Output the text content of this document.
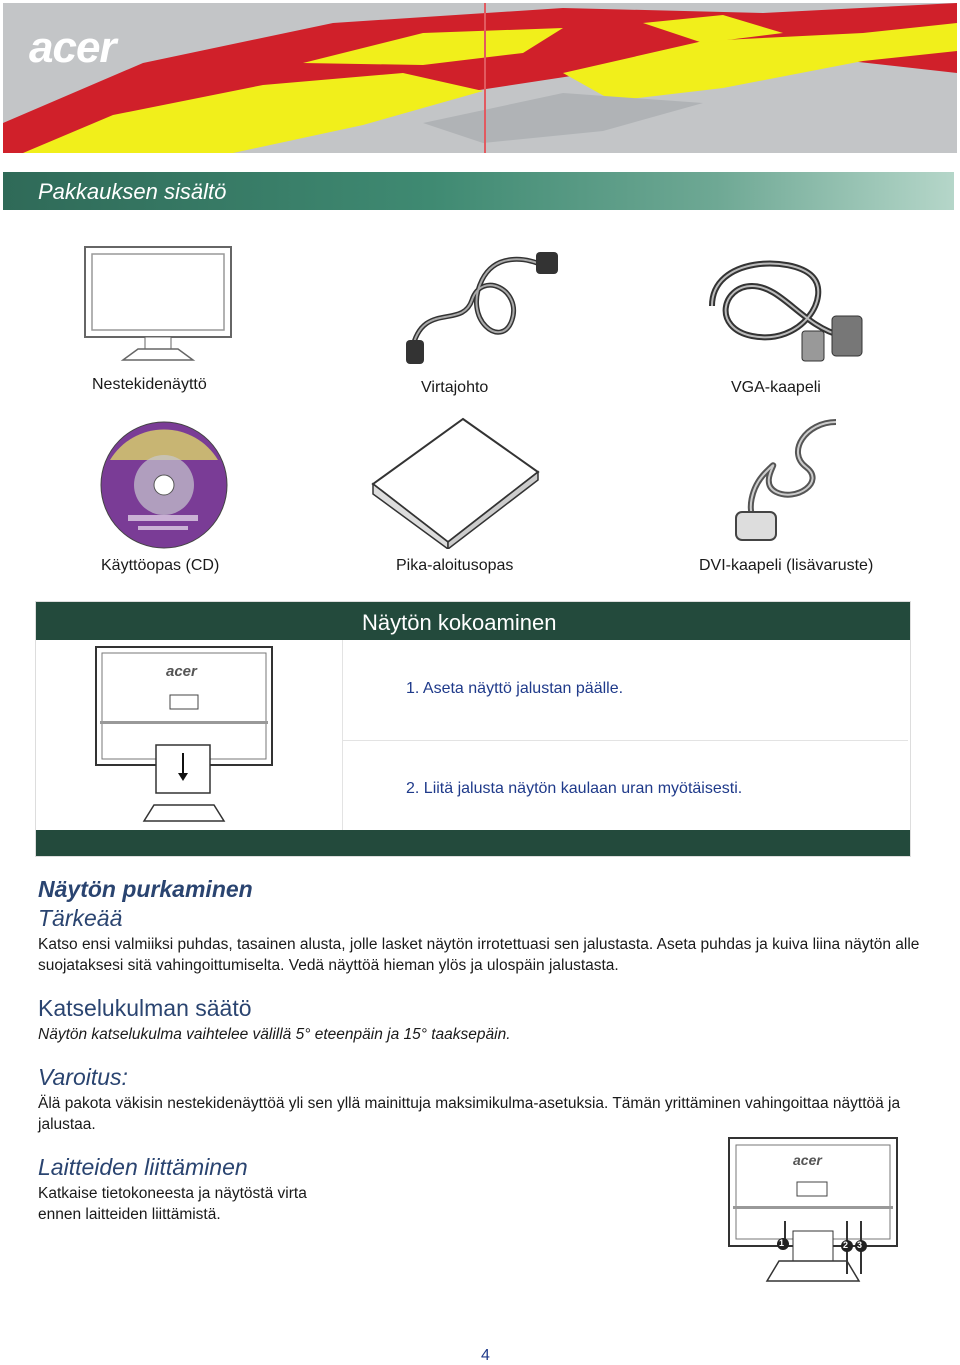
acer
Pakkauksen sisältö
Nestekidenäyttö	Virtajohto	VGA-kaapeli
Käyttöopas (CD)	Pika-aloitusopas	DVI-kaapeli (lisävaruste)
Näytön kokoaminen
acer
1. Aseta näyttö jalustan päälle.
2. Liitä jalusta näytön kaulaan uran myötäisesti.
Näytön purkaminen
Tärkeää
Katso ensi valmiiksi puhdas, tasainen alusta, jolle lasket näytön irrotettuasi sen jalustasta. Aseta puhdas ja kuiva liina näytön alle suojataksesi sitä vahingoittumiselta. Vedä näyttöä hieman ylös ja ulospäin jalustasta.
Katselukulman säätö
Näytön katselukulma vaihtelee välillä 5° eteenpäin ja 15° taaksepäin.
Varoitus:
Älä pakota väkisin nestekidenäyttöä yli sen yllä mainittuja maksimikulma-asetuksia. Tämän yrittäminen vahingoittaa näyttöä ja jalustaa.
Laitteiden liittäminen
Katkaise tietokoneesta ja näytöstä virta
ennen laitteiden liittämistä.
acer
1	2 3
4
